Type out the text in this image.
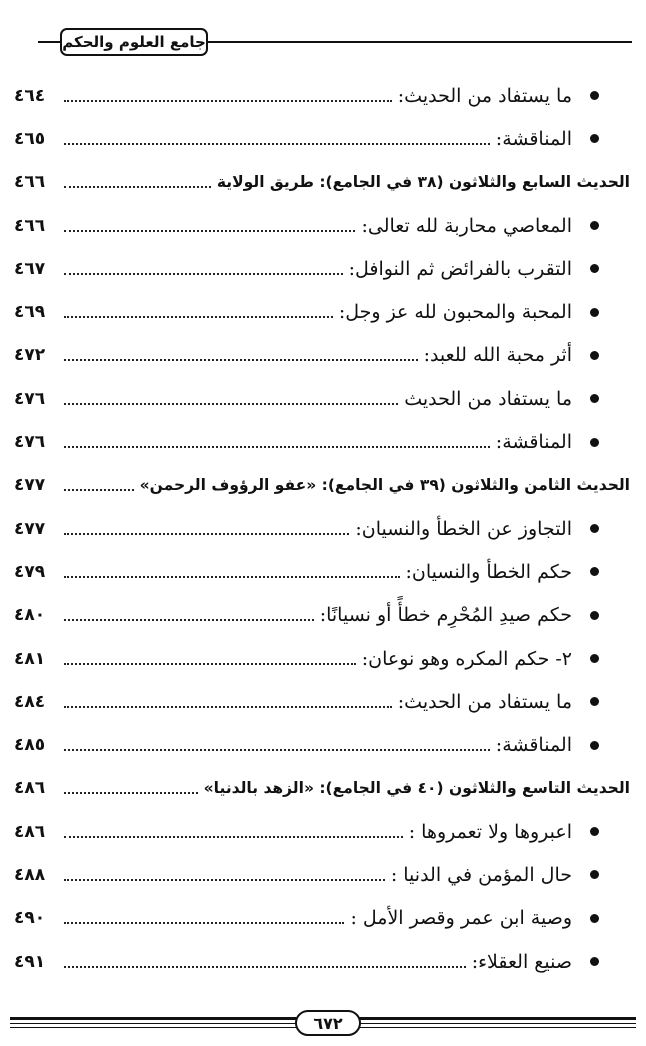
جامع العلوم والحكم
ما يستفاد من الحديث:
٤٦٤
المناقشة:
٤٦٥
الحديث السابع والثلاثون (٣٨ في الجامع): طريق الولاية
٤٦٦
المعاصي محاربة لله تعالى:
٤٦٦
التقرب بالفرائض ثم النوافل:
٤٦٧
المحبة والمحبون لله عز وجل:
٤٦٩
أثر محبة الله للعبد:
٤٧٢
ما يستفاد من الحديث
٤٧٦
المناقشة:
٤٧٦
الحديث الثامن والثلاثون (٣٩ في الجامع): «عفو الرؤوف الرحمن»
٤٧٧
التجاوز عن الخطأ والنسيان:
٤٧٧
حكم الخطأ والنسيان:
٤٧٩
حكم صيدِ المُحْرِم خطأً أو نسيانًا:
٤٨٠
٢- حكم المكره وهو نوعان:
٤٨١
ما يستفاد من الحديث:
٤٨٤
المناقشة:
٤٨٥
الحديث التاسع والثلاثون (٤٠ في الجامع): «الزهد بالدنيا»
٤٨٦
اعبروها ولا تعمروها :
٤٨٦
حال المؤمن في الدنيا :
٤٨٨
وصية ابن عمر وقصر الأمل :
٤٩٠
صنيع العقلاء:
٤٩١
٦٧٢
